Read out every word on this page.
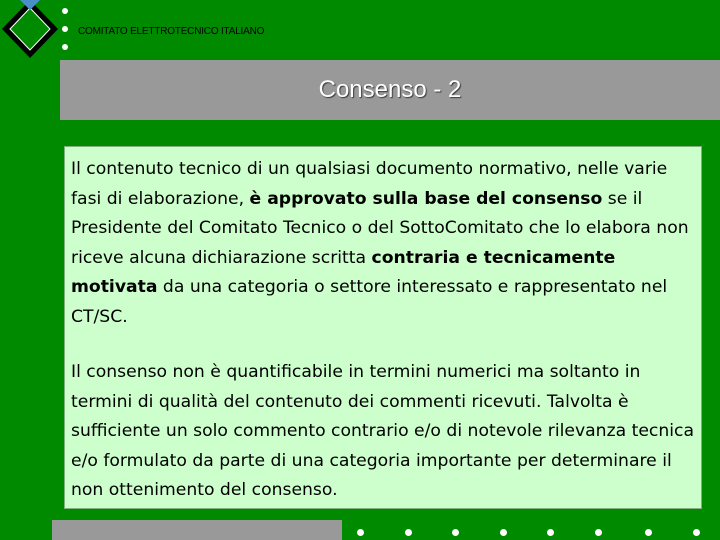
COMITATO ELETTROTECNICO ITALIANO
Consenso - 2

Il contenuto tecnico di un qualsiasi documento normativo, nelle varie fasi di elaborazione, è approvato sulla base del consenso se il Presidente del Comitato Tecnico o del SottoComitato che lo elabora non riceve alcuna dichiarazione scritta contraria e tecnicamente motivata da una categoria o settore interessato e rappresentato nel CT/SC.

Il consenso non è quantificabile in termini numerici ma soltanto in termini di qualità del contenuto dei commenti ricevuti. Talvolta è sufficiente un solo commento contrario e/o di notevole rilevanza tecnica e/o formulato da parte di una categoria importante per determinare il non ottenimento del consenso.
